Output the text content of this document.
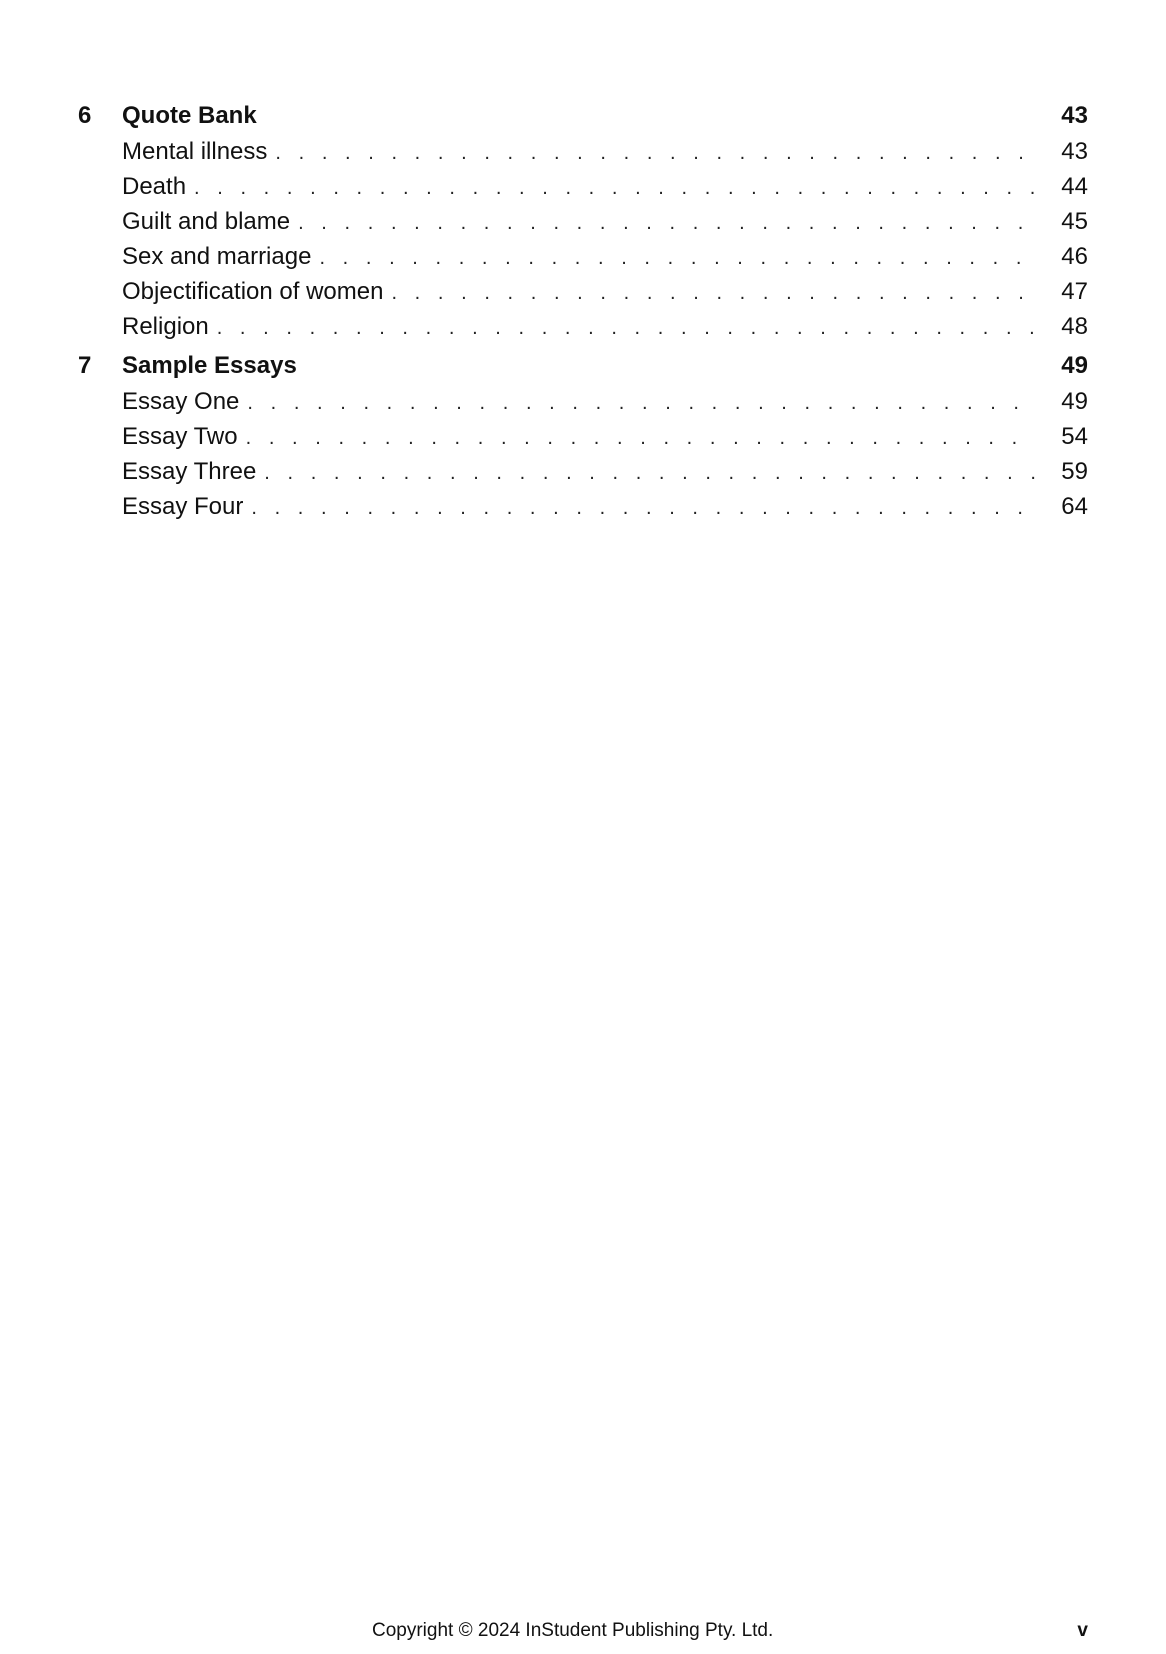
6	Quote Bank	43
Mental illness . . .	43
Death . . .	44
Guilt and blame . . .	45
Sex and marriage . . .	46
Objectification of women . . .	47
Religion . . .	48
7	Sample Essays	49
Essay One . . .	49
Essay Two . . .	54
Essay Three . . .	59
Essay Four . . .	64
Copyright © 2024 InStudent Publishing Pty. Ltd.	v
